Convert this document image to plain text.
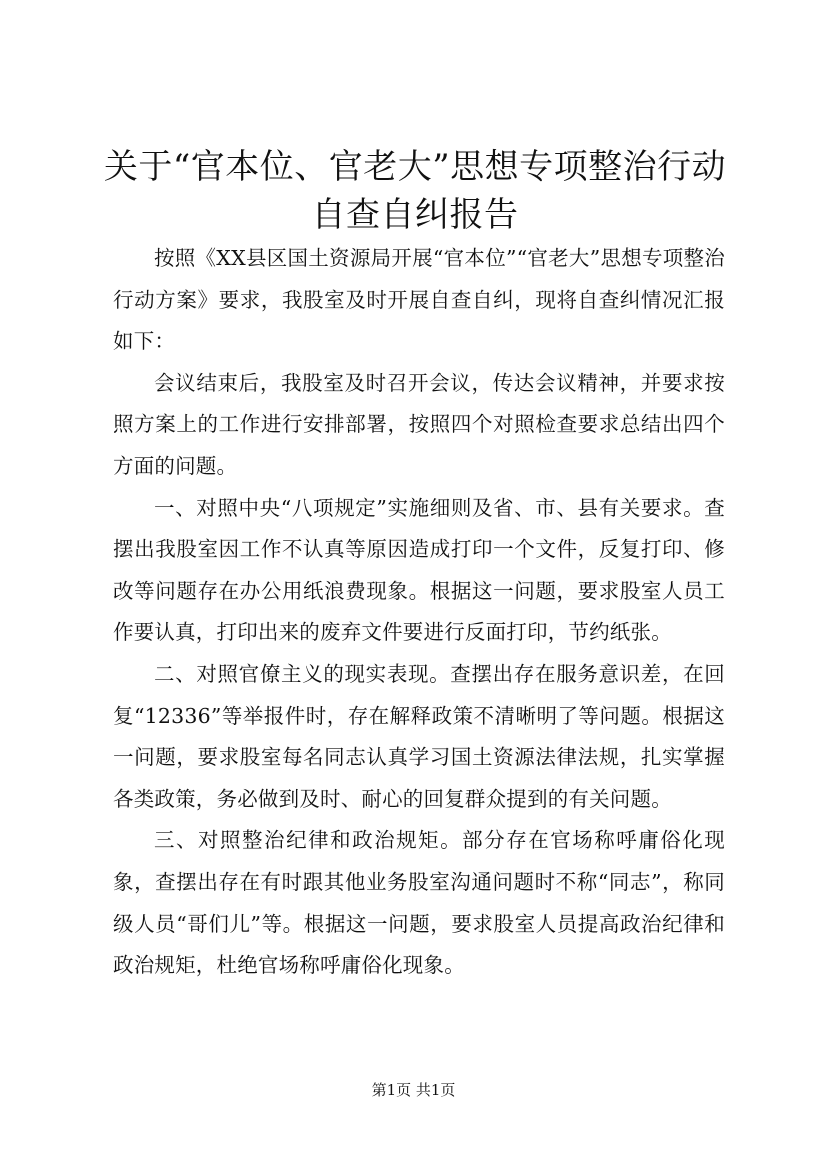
关于“官本位、官老大”思想专项整治行动自查自纠报告

按照《XX县区国土资源局开展“官本位”“官老大”思想专项整治行动方案》要求，我股室及时开展自查自纠，现将自查纠情况汇报如下：

会议结束后，我股室及时召开会议，传达会议精神，并要求按照方案上的工作进行安排部署，按照四个对照检查要求总结出四个方面的问题。

一、对照中央“八项规定”实施细则及省、市、县有关要求。查摆出我股室因工作不认真等原因造成打印一个文件，反复打印、修改等问题存在办公用纸浪费现象。根据这一问题，要求股室人员工作要认真，打印出来的废弃文件要进行反面打印，节约纸张。

二、对照官僚主义的现实表现。查摆出存在服务意识差，在回复“12336”等举报件时，存在解释政策不清晰明了等问题。根据这一问题，要求股室每名同志认真学习国土资源法律法规，扎实掌握各类政策，务必做到及时、耐心的回复群众提到的有关问题。

三、对照整治纪律和政治规矩。部分存在官场称呼庸俗化现象，查摆出存在有时跟其他业务股室沟通问题时不称“同志”，称同级人员“哥们儿”等。根据这一问题，要求股室人员提高政治纪律和政治规矩，杜绝官场称呼庸俗化现象。

第1页 共1页
